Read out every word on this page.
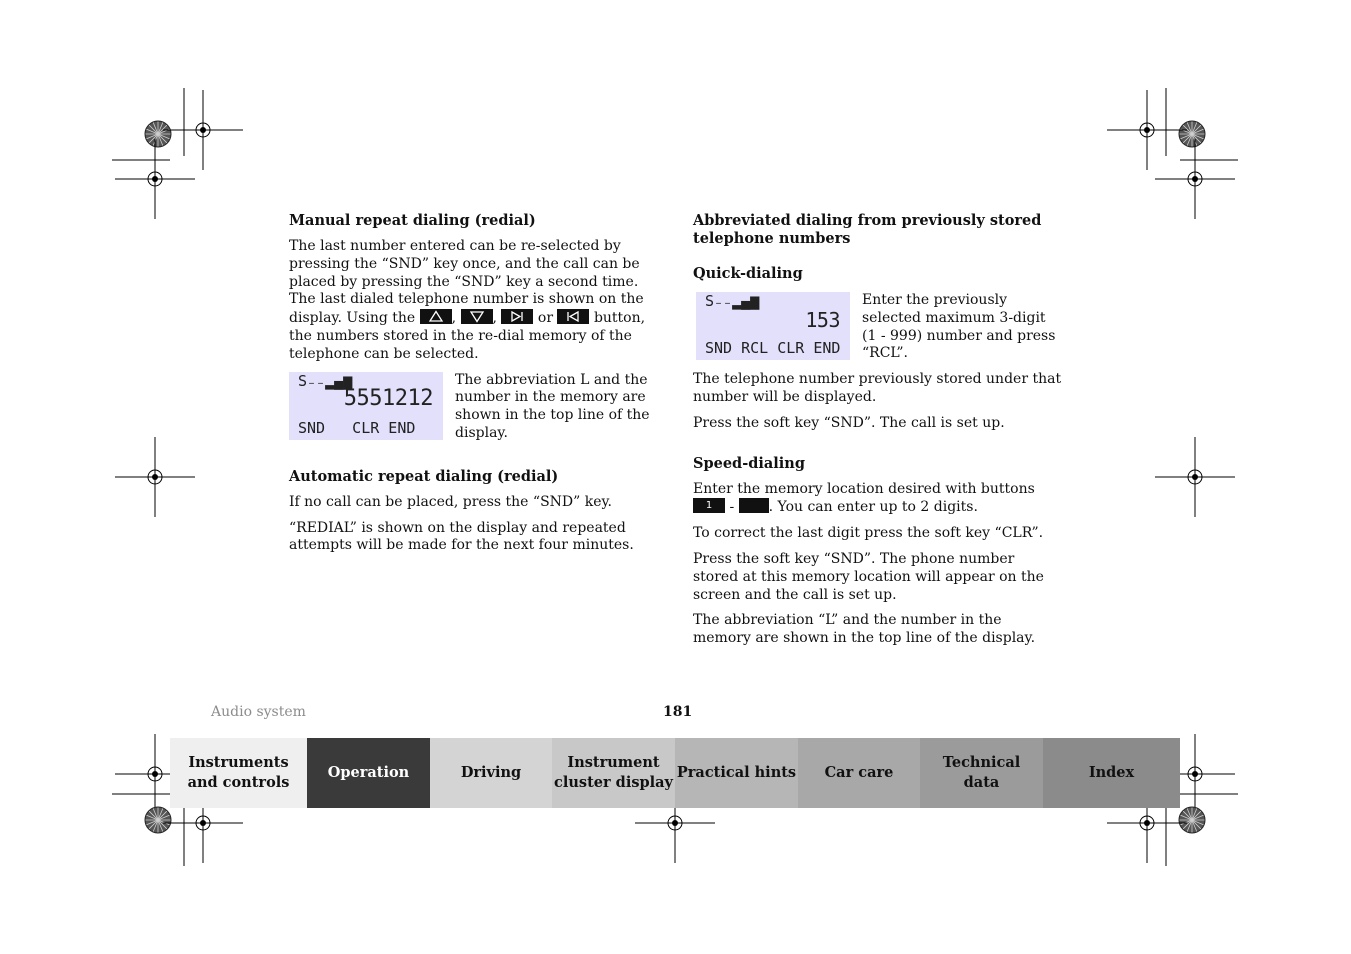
Manual repeat dialing (redial)

The last number entered can be re-selected by pressing the “SND” key once, and the call can be placed by pressing the “SND” key a second time. The last dialed telephone number is shown on the display. Using the	,	,	or	button, the numbers stored in the re-dial memory of the telephone can be selected.

S₋₋▂▄▆
5551212
SND   CLR END

The abbreviation L and the number in the memory are shown in the top line of the display.

Automatic repeat dialing (redial)

If no call can be placed, press the “SND” key.

“REDIAL” is shown on the display and repeated attempts will be made for the next four minutes.

Abbreviated dialing from previously stored telephone numbers
Quick-dialing
S₋₋▂▄▆
153
SND RCL CLR END

Enter the previously selected maximum 3-digit (1 - 999) number and press “RCL”.

The telephone number previously stored under that number will be displayed.

Press the soft key “SND”. The call is set up.

Speed-dialing

Enter the memory location desired with buttons
1	- . You can enter up to 2 digits.

To correct the last digit press the soft key “CLR”.

Press the soft key “SND”. The phone number stored at this memory location will appear on the screen and the call is set up.

The abbreviation “L” and the number in the memory are shown in the top line of the display.

Audio system	181
Instruments
and controls
Operation	Driving
Instrument
cluster display
Practical hints	Car care
Technical
data
Index
